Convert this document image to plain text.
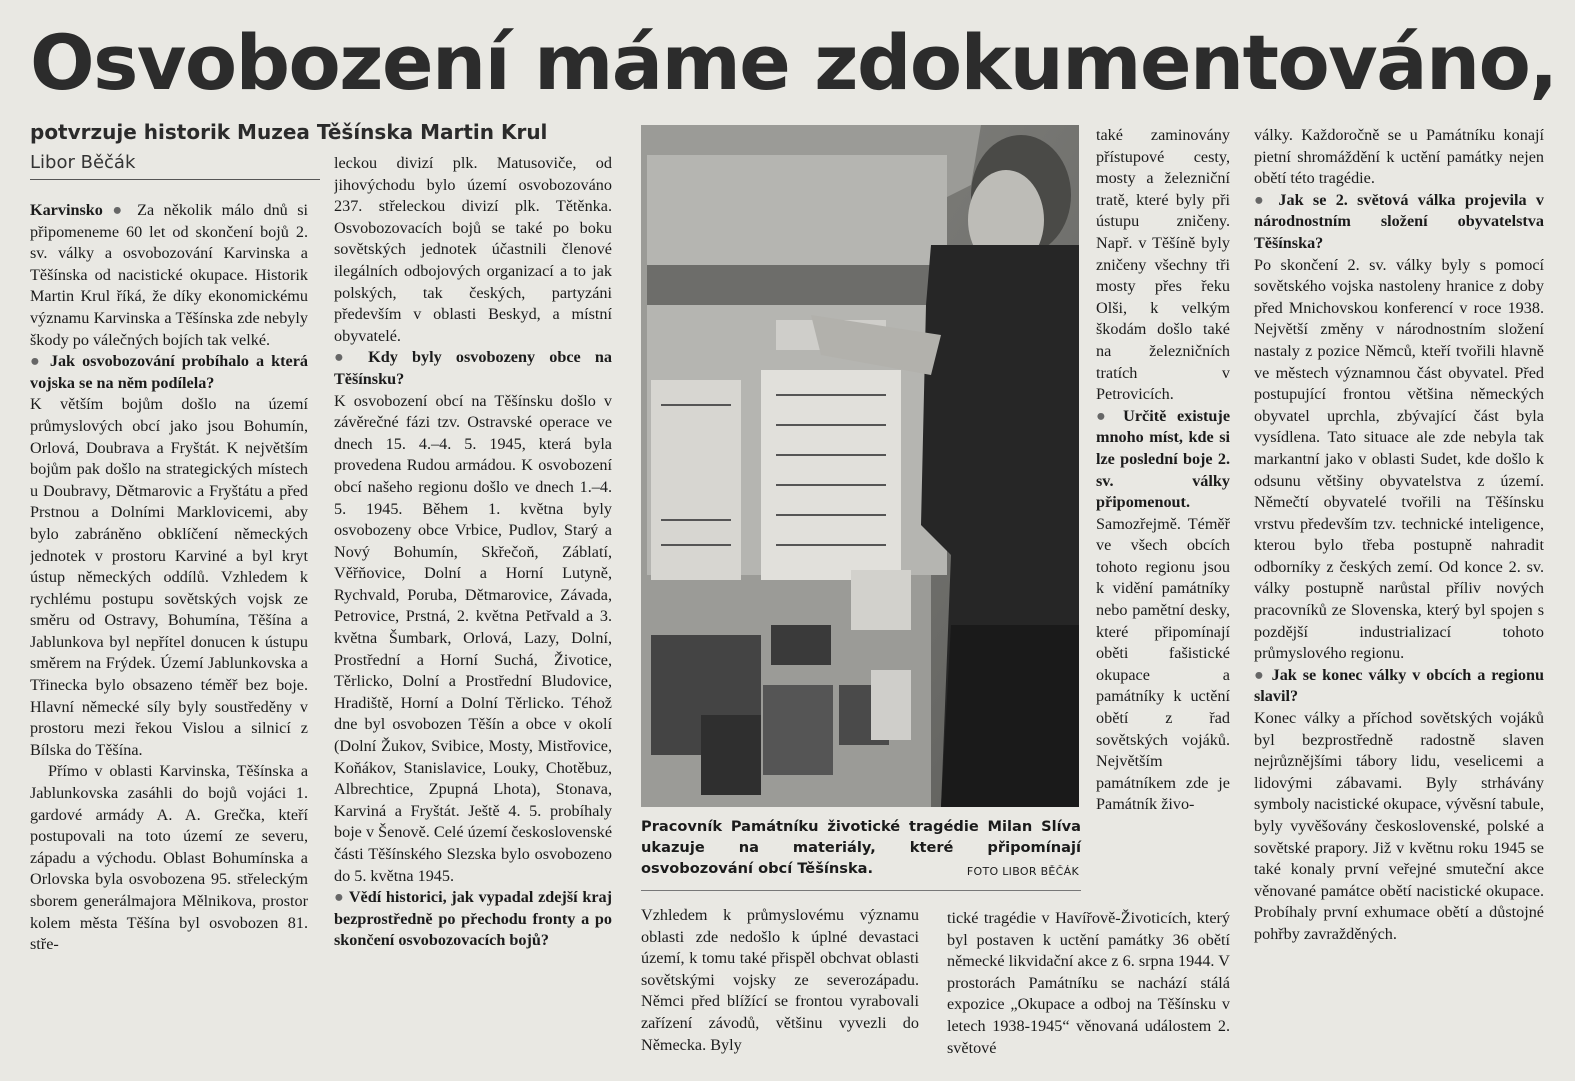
Osvobození máme zdokumentováno,
potvrzuje historik Muzea Těšínska Martin Krul
Libor Běčák

Karvinsko ● Za několik málo dnů si připomeneme 60 let od skončení bojů 2. sv. války a osvobozování Karvinska a Těšínska od nacistické okupace. Historik Martin Krul říká, že díky ekonomickému významu Karvinska a Těšínska zde nebyly škody po válečných bojích tak velké.

● Jak osvobozování probíhalo a která vojska se na něm podílela?

K větším bojům došlo na území průmyslových obcí jako jsou Bohumín, Orlová, Doubrava a Fryštát. K největším bojům pak došlo na strategických místech u Doubravy, Dětmarovic a Fryštátu a před Prstnou a Dolními Marklovicemi, aby bylo zabráněno obklíčení německých jednotek v prostoru Karviné a byl kryt ústup německých oddílů. Vzhledem k rychlému postupu sovětských vojsk ze směru od Ostravy, Bohumína, Těšína a Jablunkova byl nepřítel donucen k ústupu směrem na Frýdek. Území Jablunkovska a Třinecka bylo obsazeno téměř bez boje. Hlavní německé síly byly soustředěny v prostoru mezi řekou Vislou a silnicí z Bílska do Těšína.

Přímo v oblasti Karvinska, Těšínska a Jablunkovska zasáhli do bojů vojáci 1. gardové armády A. A. Grečka, kteří postupovali na toto území ze severu, západu a východu. Oblast Bohumínska a Orlovska byla osvobozena 95. střeleckým sborem generálmajora Mělnikova, prostor kolem města Těšína byl osvobozen 81. stře-

leckou divizí plk. Matusoviče, od jihovýchodu bylo území osvobozováno 237. střeleckou divizí plk. Tětěnka. Osvobozovacích bojů se také po boku sovětských jednotek účastnili členové ilegálních odbojových organizací a to jak polských, tak českých, partyzáni především v oblasti Beskyd, a místní obyvatelé.

● Kdy byly osvobozeny obce na Těšínsku?

K osvobození obcí na Těšínsku došlo v závěrečné fázi tzv. Ostravské operace ve dnech 15. 4.–4. 5. 1945, která byla provedena Rudou armádou. K osvobození obcí našeho regionu došlo ve dnech 1.–4. 5. 1945. Během 1. května byly osvobozeny obce Vrbice, Pudlov, Starý a Nový Bohumín, Skřečoň, Záblatí, Věřňovice, Dolní a Horní Lutyně, Rychvald, Poruba, Dětmarovice, Závada, Petrovice, Prstná, 2. května Petřvald a 3. května Šumbark, Orlová, Lazy, Dolní, Prostřední a Horní Suchá, Životice, Těrlicko, Dolní a Prostřední Bludovice, Hradiště, Horní a Dolní Těrlicko. Téhož dne byl osvobozen Těšín a obce v okolí (Dolní Žukov, Svibice, Mosty, Mistřovice, Koňákov, Stanislavice, Louky, Chotěbuz, Albrechtice, Zpupná Lhota), Stonava, Karviná a Fryštát. Ještě 4. 5. probíhaly boje v Šenově. Celé území československé části Těšínského Slezska bylo osvobozeno do 5. května 1945.

● Vědí historici, jak vypadal zdejší kraj bezprostředně po přechodu fronty a po skončení osvobozovacích bojů?

Pracovník Památníku životické tragédie Milan Slíva ukazuje na materiály, které připomínají osvobozování obcí Těšínska.	FOTO LIBOR BĚČÁK

také zaminovány přístupové cesty, mosty a železniční tratě, které byly při ústupu zničeny. Např. v Těšíně byly zničeny všechny tři mosty přes řeku Olši, k velkým škodám došlo také na železničních tratích v Petrovicích.

● Určitě existuje mnoho míst, kde si lze poslední boje 2. sv. války připomenout.

Samozřejmě. Téměř ve všech obcích tohoto regionu jsou k vidění památníky nebo pamětní desky, které připomínají oběti fašistické okupace a památníky k uctění obětí z řad sovětských vojáků. Největším památníkem zde je Památník živo-

Vzhledem k průmyslovému významu oblasti zde nedošlo k úplné devastaci území, k tomu také přispěl obchvat oblasti sovětskými vojsky ze severozápadu. Němci před blížící se frontou vyrabovali zařízení závodů, většinu vyvezli do Německa. Byly

tické tragédie v Havířově-Životicích, který byl postaven k uctění památky 36 obětí německé likvidační akce z 6. srpna 1944. V prostorách Památníku se nachází stálá expozice „Okupace a odboj na Těšínsku v letech 1938-1945“ věnovaná událostem 2. světové

války. Každoročně se u Památníku konají pietní shromáždění k uctění památky nejen obětí této tragédie.

● Jak se 2. světová válka projevila v národnostním složení obyvatelstva Těšínska?

Po skončení 2. sv. války byly s pomocí sovětského vojska nastoleny hranice z doby před Mnichovskou konferencí v roce 1938. Největší změny v národnostním složení nastaly z pozice Němců, kteří tvořili hlavně ve městech významnou část obyvatel. Před postupující frontou většina německých obyvatel uprchla, zbývající část byla vysídlena. Tato situace ale zde nebyla tak markantní jako v oblasti Sudet, kde došlo k odsunu většiny obyvatelstva z území. Němečtí obyvatelé tvořili na Těšínsku vrstvu především tzv. technické inteligence, kterou bylo třeba postupně nahradit odborníky z českých zemí. Od konce 2. sv. války postupně narůstal příliv nových pracovníků ze Slovenska, který byl spojen s pozdější industrializací tohoto průmyslového regionu.

● Jak se konec války v obcích a regionu slavil?

Konec války a příchod sovětských vojáků byl bezprostředně radostně slaven nejrůznějšími tábory lidu, veselicemi a lidovými zábavami. Byly strhávány symboly nacistické okupace, vývěsní tabule, byly vyvěšovány československé, polské a sovětské prapory. Již v květnu roku 1945 se také konaly první veřejné smuteční akce věnované památce obětí nacistické okupace. Probíhaly první exhumace obětí a důstojné pohřby zavražděných.
